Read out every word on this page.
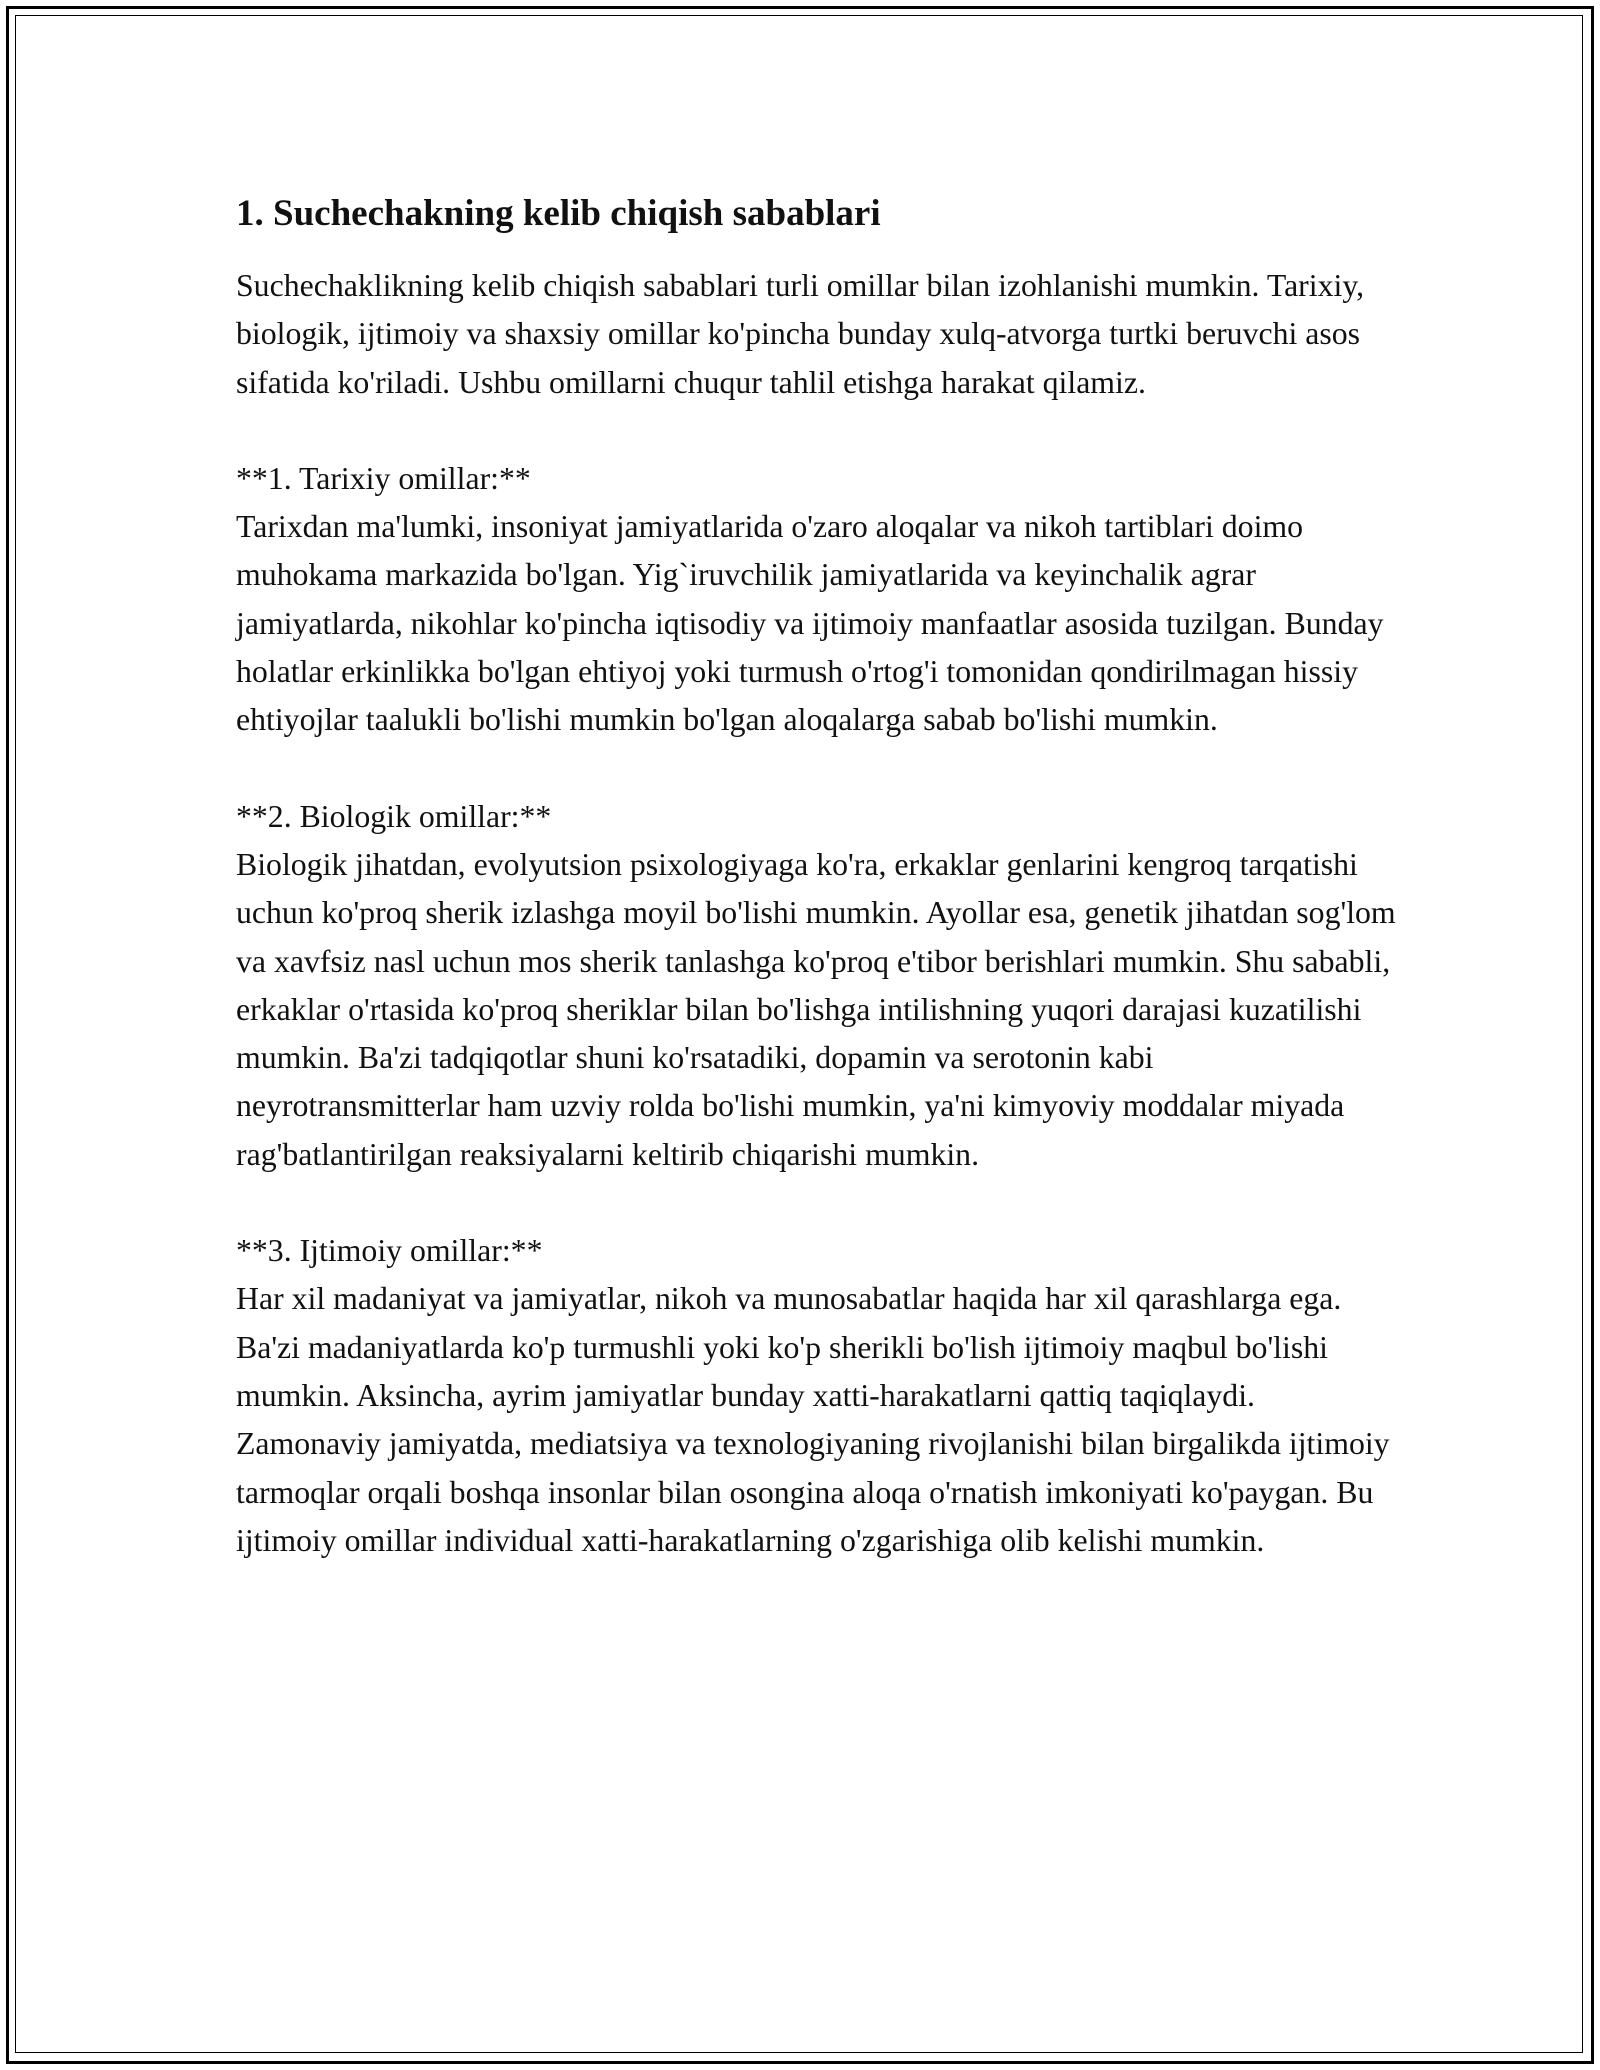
1. Suchechakning kelib chiqish sabablari

Suchechaklikning kelib chiqish sabablari turli omillar bilan izohlanishi mumkin. Tarixiy, biologik, ijtimoiy va shaxsiy omillar ko'pincha bunday xulq-atvorga turtki beruvchi asos sifatida ko'riladi. Ushbu omillarni chuqur tahlil etishga harakat qilamiz.

**1. Tarixiy omillar:**

Tarixdan ma'lumki, insoniyat jamiyatlarida o'zaro aloqalar va nikoh tartiblari doimo muhokama markazida bo'lgan. Yig`iruvchilik jamiyatlarida va keyinchalik agrar jamiyatlarda, nikohlar ko'pincha iqtisodiy va ijtimoiy manfaatlar asosida tuzilgan. Bunday holatlar erkinlikka bo'lgan ehtiyoj yoki turmush o'rtog'i tomonidan qondirilmagan hissiy ehtiyojlar taalukli bo'lishi mumkin bo'lgan aloqalarga sabab bo'lishi mumkin.

**2. Biologik omillar:**

Biologik jihatdan, evolyutsion psixologiyaga ko'ra, erkaklar genlarini kengroq tarqatishi uchun ko'proq sherik izlashga moyil bo'lishi mumkin. Ayollar esa, genetik jihatdan sog'lom va xavfsiz nasl uchun mos sherik tanlashga ko'proq e'tibor berishlari mumkin. Shu sababli, erkaklar o'rtasida ko'proq sheriklar bilan bo'lishga intilishning yuqori darajasi kuzatilishi mumkin. Ba'zi tadqiqotlar shuni ko'rsatadiki, dopamin va serotonin kabi neyrotransmitterlar ham uzviy rolda bo'lishi mumkin, ya'ni kimyoviy moddalar miyada rag'batlantirilgan reaksiyalarni keltirib chiqarishi mumkin.

**3. Ijtimoiy omillar:**

Har xil madaniyat va jamiyatlar, nikoh va munosabatlar haqida har xil qarashlarga ega. Ba'zi madaniyatlarda ko'p turmushli yoki ko'p sherikli bo'lish ijtimoiy maqbul bo'lishi mumkin. Aksincha, ayrim jamiyatlar bunday xatti-harakatlarni qattiq taqiqlaydi. Zamonaviy jamiyatda, mediatsiya va texnologiyaning rivojlanishi bilan birgalikda ijtimoiy tarmoqlar orqali boshqa insonlar bilan osongina aloqa o'rnatish imkoniyati ko'paygan. Bu ijtimoiy omillar individual xatti-harakatlarning o'zgarishiga olib kelishi mumkin.
